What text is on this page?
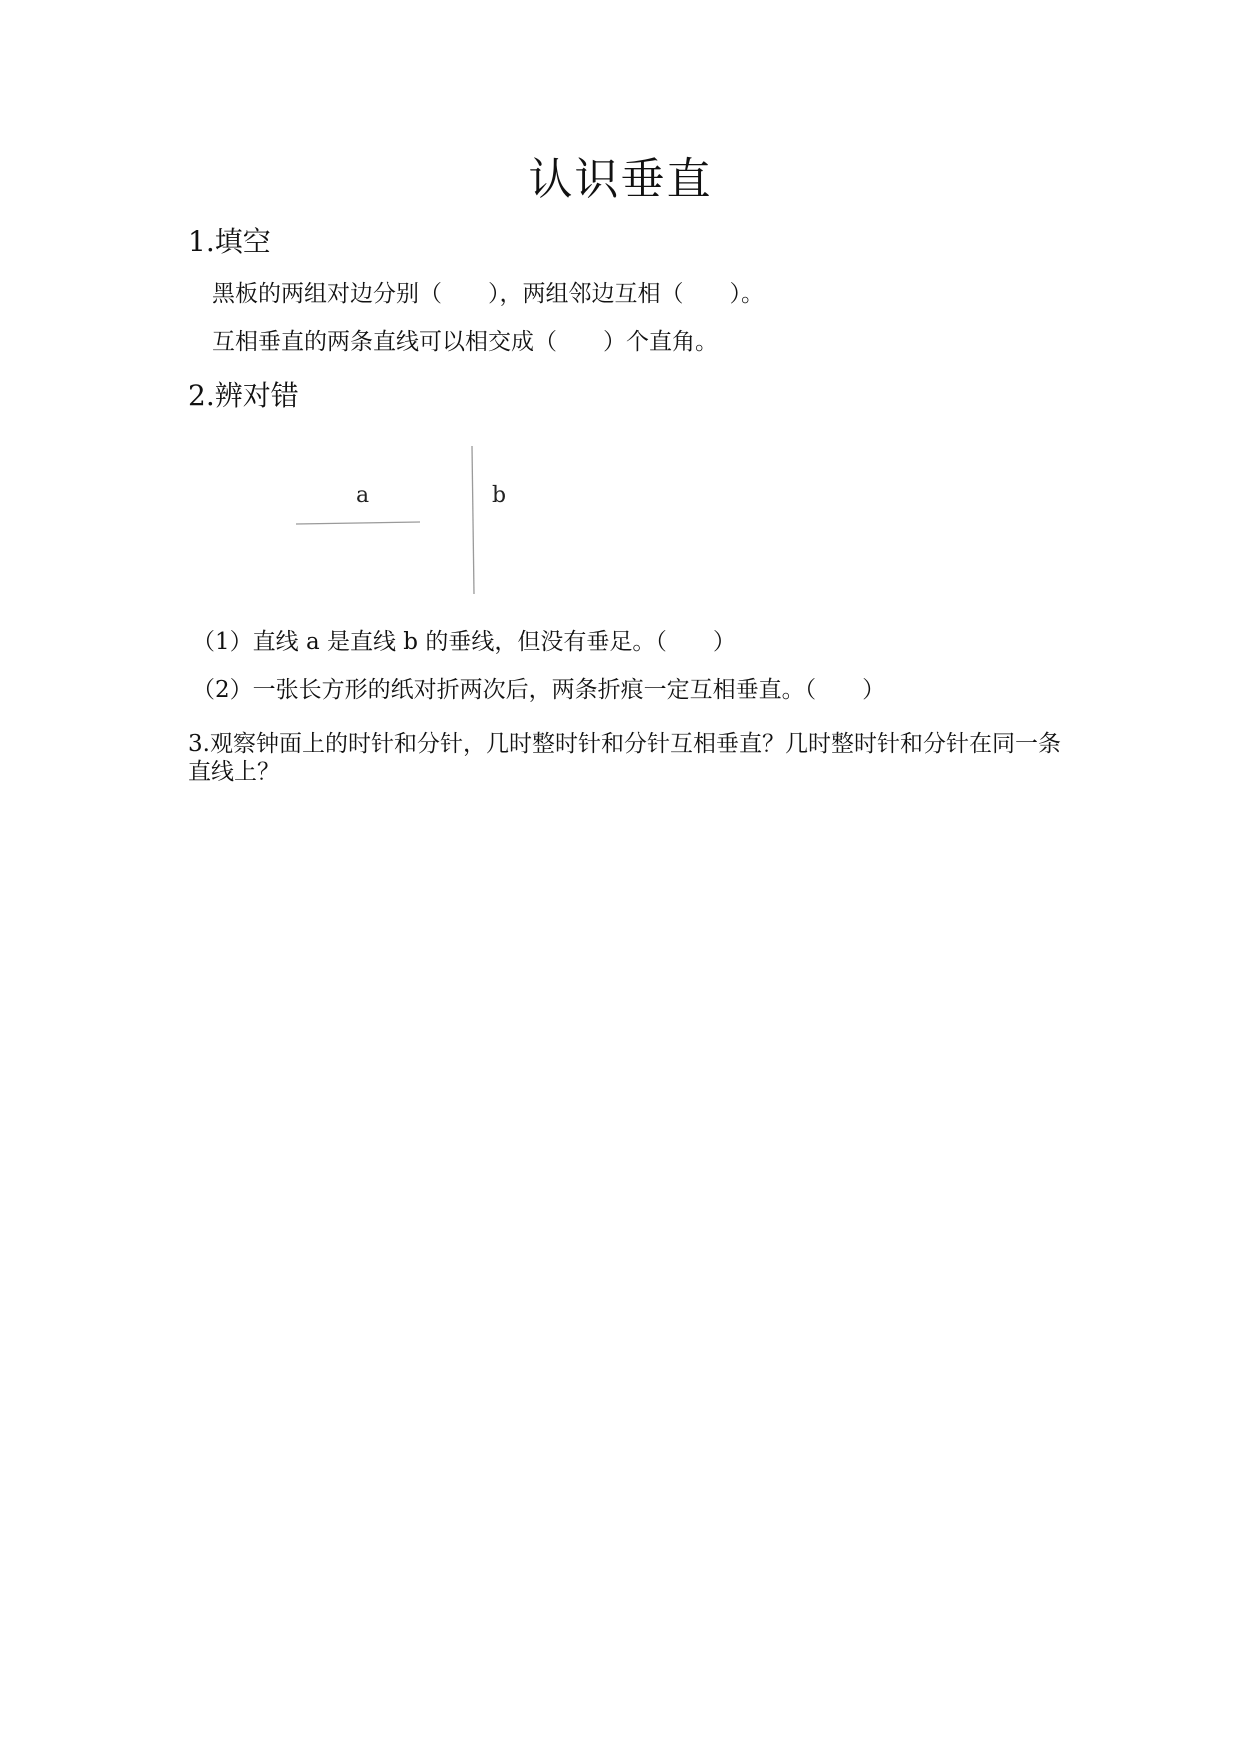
认识垂直
1.填空
黑板的两组对边分别（　　），两组邻边互相（　　）。
互相垂直的两条直线可以相交成（　　）个直角。
2.辨对错
a	b
（1）直线 a 是直线 b 的垂线，但没有垂足。（　　）
（2）一张长方形的纸对折两次后，两条折痕一定互相垂直。（　　）
3.观察钟面上的时针和分针，几时整时针和分针互相垂直？几时整时针和分针在同一条直线上？
